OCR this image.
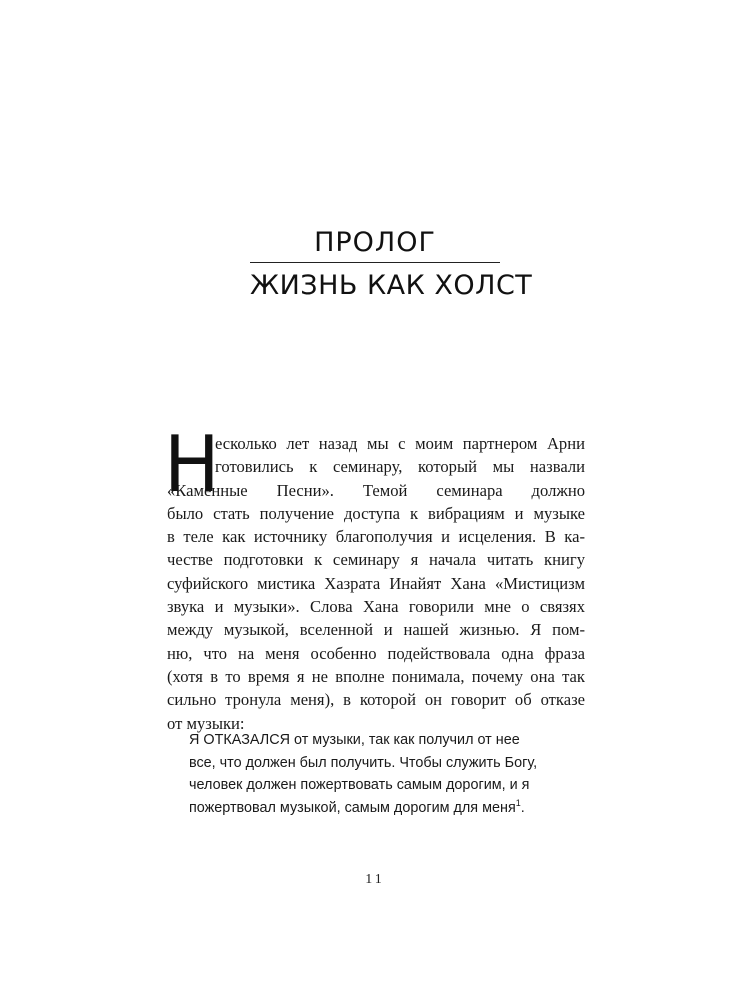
ПРОЛОГ
ЖИЗНЬ КАК ХОЛСТ
Н
есколько лет назад мы с моим партнером Арни
готовились к семинару, который мы назвали
«Каменные Песни». Темой семинара должно
было стать получение доступа к вибрациям и музыке
в теле как источнику благополучия и исцеления. В ка-
честве подготовки к семинару я начала читать книгу
суфийского мистика Хазрата Инайят Хана «Мистицизм
звука и музыки». Слова Хана говорили мне о связях
между музыкой, вселенной и нашей жизнью. Я пом-
ню, что на меня особенно подействовала одна фраза
(хотя в то время я не вполне понимала, почему она так
сильно тронула меня), в которой он говорит об отказе
от музыки:
Я ОТКАЗАЛСЯ от музыки, так как получил от нее
все, что должен был получить. Чтобы служить Богу,
человек должен пожертвовать самым дорогим, и я
пожертвовал музыкой, самым дорогим для меня$^1$.
11
